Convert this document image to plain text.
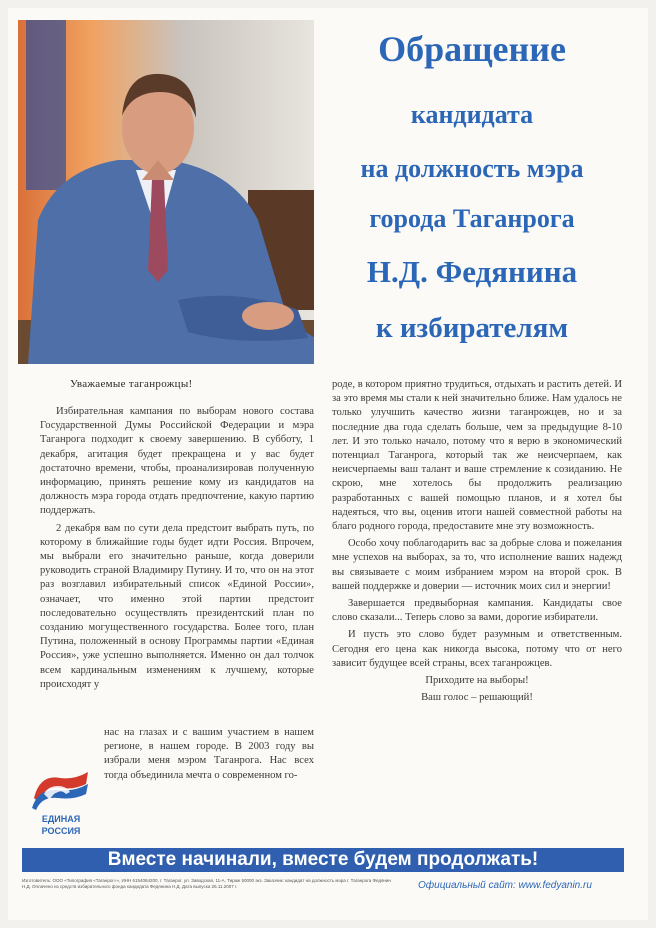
Обращение
кандидата
на должность мэра
города Таганрога
Н.Д. Федянина
к избирателям
Уважаемые таганрожцы!

Избирательная кампания по выборам нового состава Государственной Думы Российской Федерации и мэра Таганрога подходит к своему завершению. В субботу, 1 декабря, агитация будет прекращена и у вас будет достаточно времени, чтобы, проанализировав полученную информацию, принять решение кому из кандидатов на должность мэра города отдать предпочтение, какую партию поддержать.

2 декабря вам по сути дела предстоит выбрать путь, по которому в ближайшие годы будет идти Россия. Впрочем, мы выбрали его значительно раньше, когда доверили руководить страной Владимиру Путину. И то, что он на этот раз возглавил избирательный список «Единой России», означает, что именно этой партии предстоит последовательно осуществлять президентский план по созданию могущественного государства. Более того, план Путина, положенный в основу Программы партии «Единая Россия», уже успешно выполняется. Именно он дал толчок всем кардинальным изменениям к лучшему, которые происходят у

нас на глазах и с вашим участием в нашем регионе, в нашем городе. В 2003 году вы избрали меня мэром Таганрога. Нас всех тогда объединила мечта о современном го-

роде, в котором приятно трудиться, отдыхать и растить детей. И за это время мы стали к ней значительно ближе. Нам удалось не только улучшить качество жизни таганрожцев, но и за последние два года сделать больше, чем за предыдущие 8-10 лет. И это только начало, потому что я верю в экономический потенциал Таганрога, который так же неисчерпаем, как неисчерпаемы ваш талант и ваше стремление к созиданию. Не скрою, мне хотелось бы продолжить реализацию разработанных с вашей помощью планов, и я хотел бы надеяться, что вы, оценив итоги нашей совместной работы на благо родного города, предоставите мне эту возможность.

Особо хочу поблагодарить вас за добрые слова и пожелания мне успехов на выборах, за то, что исполнение ваших надежд вы связываете с моим избранием мэром на второй срок. В вашей поддержке и доверии — источник моих сил и энергии!

Завершается предвыборная кампания. Кандидаты свое слово сказали... Теперь слово за вами, дорогие избиратели.

И пусть это слово будет разумным и ответственным. Сегодня его цена как никогда высока, потому что от него зависит будущее всей страны, всех таганрожцев.

Приходите на выборы!

Ваш голос – решающий!

ЕДИНАЯ
РОССИЯ
Вместе начинали, вместе будем продолжать!
Изготовитель: ООО «Типография «Таганрог»», ИНН 6154064200, г. Таганрог, ул. Заводская, 11-А. Тираж 50000 экз. Заказчик: кандидат на должность мэра г. Таганрога Федянин Н.Д. Оплачено из средств избирательного фонда кандидата Федянина Н.Д. Дата выпуска 26.11.2007 г.	Официальный сайт: www.fedyanin.ru
